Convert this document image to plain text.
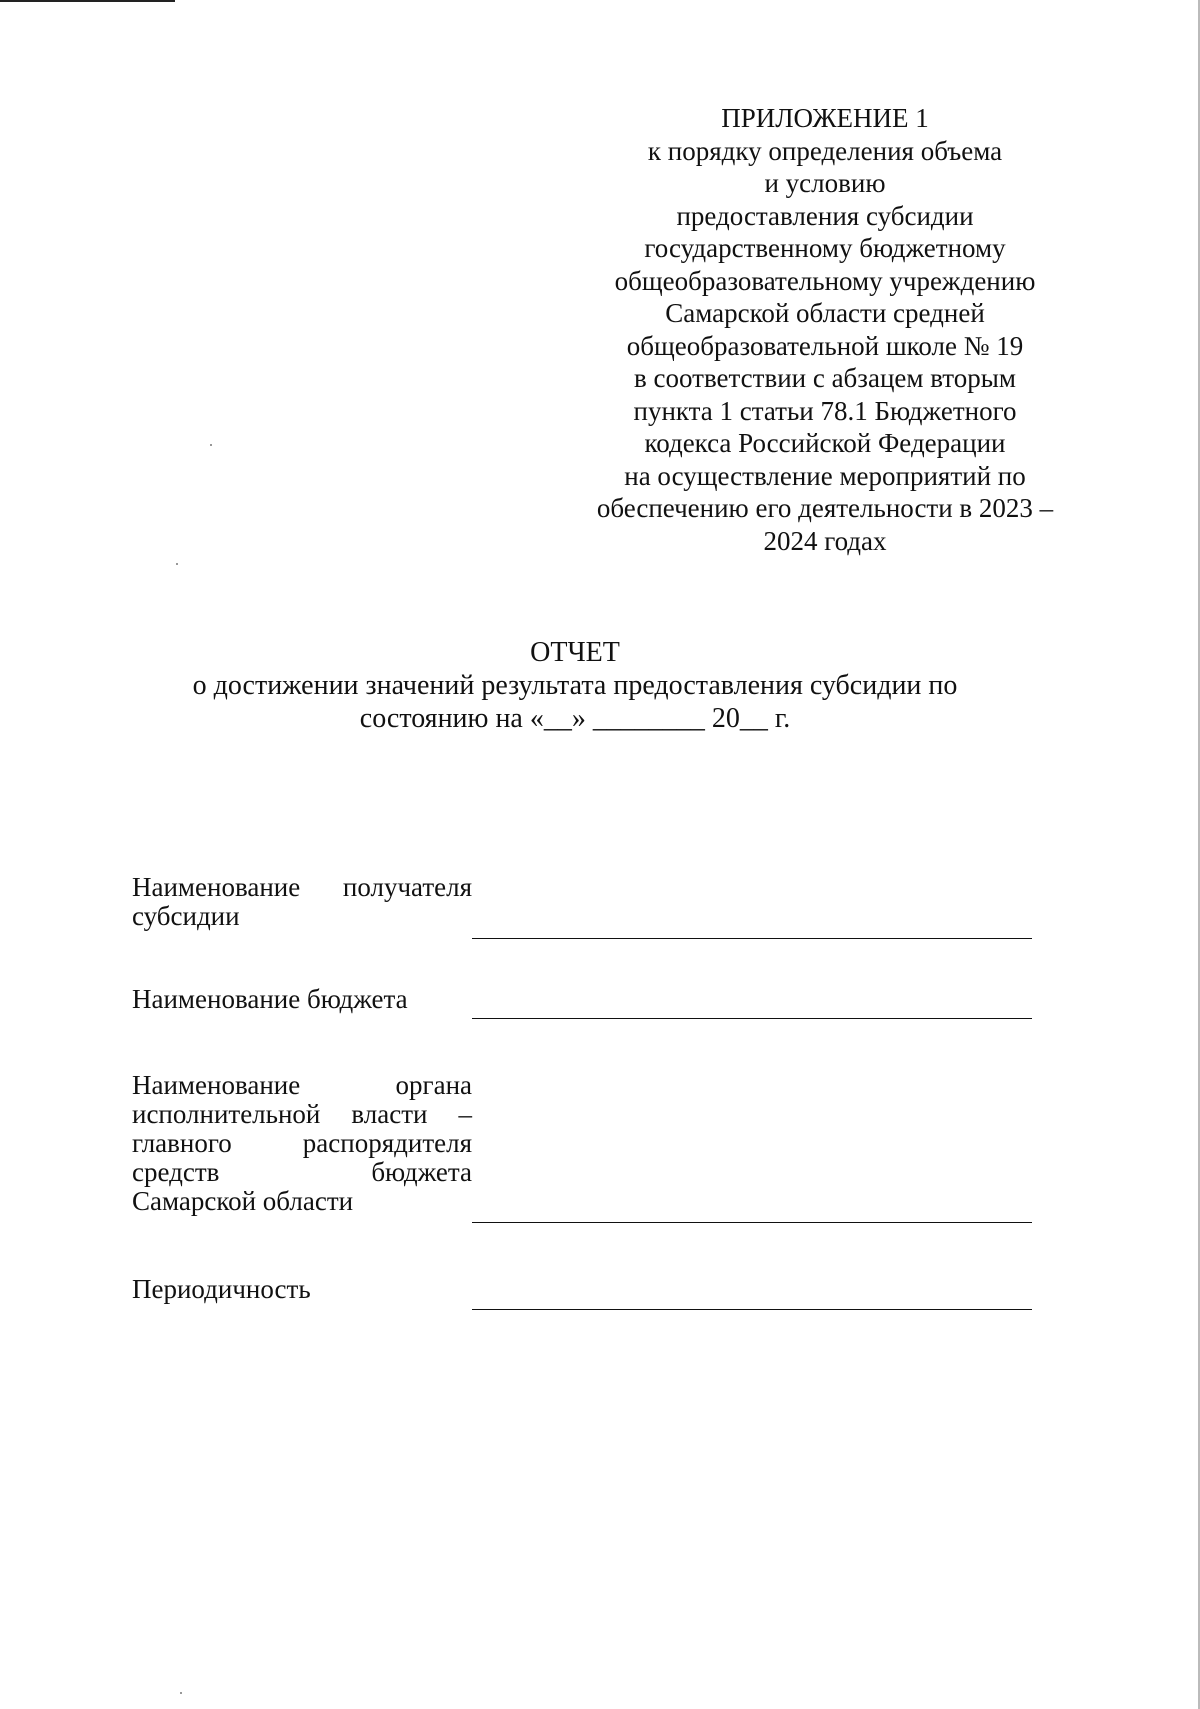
ПРИЛОЖЕНИЕ 1
к порядку определения объема
и условию
предоставления субсидии
государственному бюджетному
общеобразовательному учреждению
Самарской области средней
общеобразовательной школе № 19
в соответствии с абзацем вторым
пункта 1 статьи 78.1 Бюджетного
кодекса Российской Федерации
на осуществление мероприятий по
обеспечению его деятельности в 2023 –
2024 годах
ОТЧЕТ
о достижении значений результата предоставления субсидии по
состоянию на «__» ________ 20__ г.
Наименование получателя
субсидии
Наименование бюджета
Наименование органа
исполнительной власти –
главного распорядителя
средств бюджета
Самарской области
Периодичность
